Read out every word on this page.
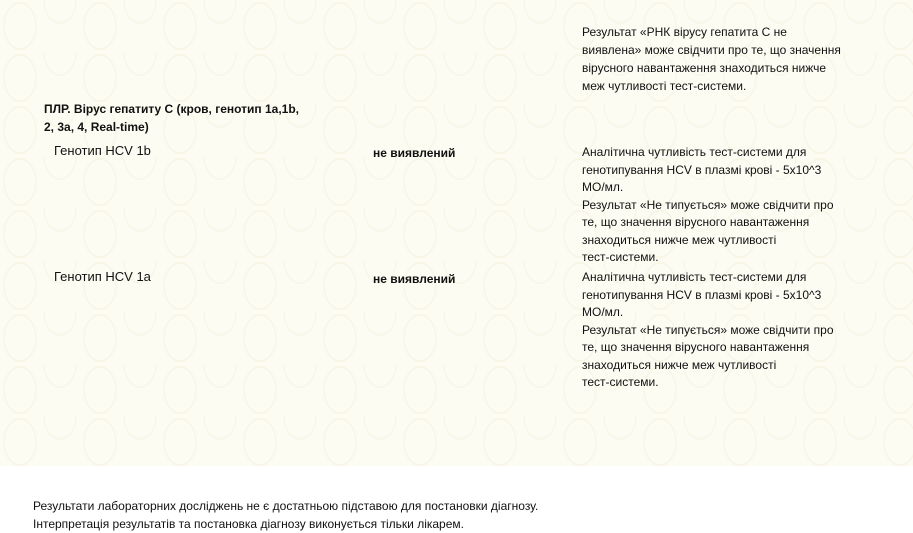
Результат «РНК вірусу гепатита С не
виявлена» може свідчити про те, що значення
вірусного навантаження знаходиться нижче
меж чутливості тест-системи.
ПЛР. Вірус гепатиту С (кров, генотип 1a,1b, 2, 3a, 4, Real-time)
Генотип HCV 1b	не виявлений	Аналітична чутливість тест-системи для
генотипування HCV в плазмі крові - 5x10^3
МО/мл.
Результат «Не типується» може свідчити про
те, що значення вірусного навантаження
знаходиться нижче меж чутливості
тест-системи.
Генотип HCV 1a	не виявлений	Аналітична чутливість тест-системи для
генотипування HCV в плазмі крові - 5x10^3
МО/мл.
Результат «Не типується» може свідчити про
те, що значення вірусного навантаження
знаходиться нижче меж чутливості
тест-системи.
Результати лабораторних досліджень не є достатньою підставою для постановки діагнозу.
Інтерпретація результатів та постановка діагнозу виконується тільки лікарем.
